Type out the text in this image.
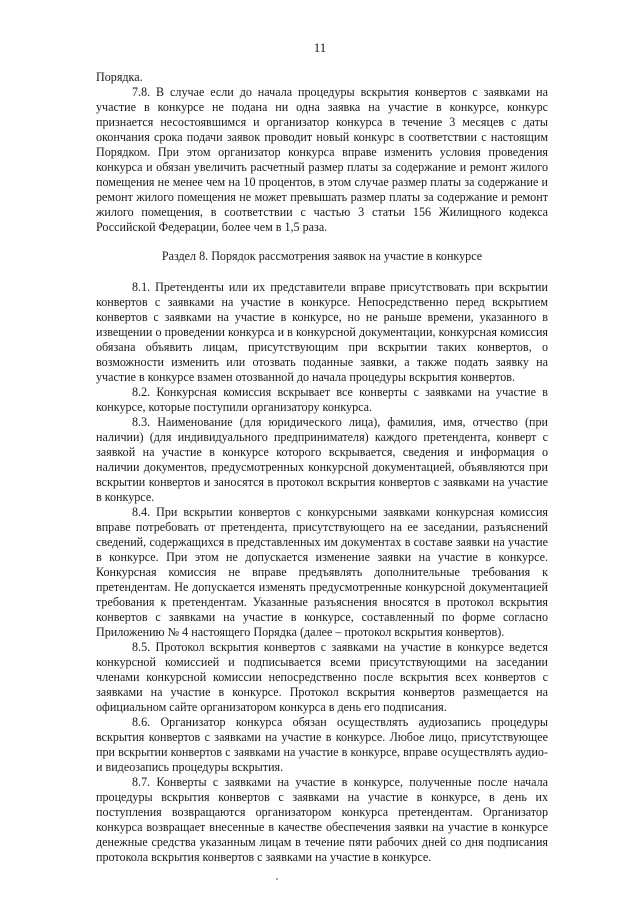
11

Порядка.

7.8. В случае если до начала процедуры вскрытия конвертов с заявками на участие в конкурсе не подана ни одна заявка на участие в конкурсе, конкурс признается несостоявшимся и организатор конкурса в течение 3 месяцев с даты окончания срока подачи заявок проводит новый конкурс в соответствии с настоящим Порядком. При этом организатор конкурса вправе изменить условия проведения конкурса и обязан увеличить расчетный размер платы за содержание и ремонт жилого помещения не менее чем на 10 процентов, в этом случае размер платы за содержание и ремонт жилого помещения не может превышать размер платы за содержание и ремонт жилого помещения, в соответствии с частью 3 статьи 156 Жилищного кодекса Российской Федерации, более чем в 1,5 раза.

Раздел 8. Порядок рассмотрения заявок на участие в конкурсе

8.1. Претенденты или их представители вправе присутствовать при вскрытии конвертов с заявками на участие в конкурсе. Непосредственно перед вскрытием конвертов с заявками на участие в конкурсе, но не раньше времени, указанного в извещении о проведении конкурса и в конкурсной документации, конкурсная комиссия обязана объявить лицам, присутствующим при вскрытии таких конвертов, о возможности изменить или отозвать поданные заявки, а также подать заявку на участие в конкурсе взамен отозванной до начала процедуры вскрытия конвертов.

8.2. Конкурсная комиссия вскрывает все конверты с заявками на участие в конкурсе, которые поступили организатору конкурса.

8.3. Наименование (для юридического лица), фамилия, имя, отчество (при наличии) (для индивидуального предпринимателя) каждого претендента, конверт с заявкой на участие в конкурсе которого вскрывается, сведения и информация о наличии документов, предусмотренных конкурсной документацией, объявляются при вскрытии конвертов и заносятся в протокол вскрытия конвертов с заявками на участие в конкурсе.

8.4. При вскрытии конвертов с конкурсными заявками конкурсная комиссия вправе потребовать от претендента, присутствующего на ее заседании, разъяснений сведений, содержащихся в представленных им документах в составе заявки на участие в конкурсе. При этом не допускается изменение заявки на участие в конкурсе. Конкурсная комиссия не вправе предъявлять дополнительные требования к претендентам. Не допускается изменять предусмотренные конкурсной документацией требования к претендентам. Указанные разъяснения вносятся в протокол вскрытия конвертов с заявками на участие в конкурсе, составленный по форме согласно Приложению № 4 настоящего Порядка (далее – протокол вскрытия конвертов).

8.5. Протокол вскрытия конвертов с заявками на участие в конкурсе ведется конкурсной комиссией и подписывается всеми присутствующими на заседании членами конкурсной комиссии непосредственно после вскрытия всех конвертов с заявками на участие в конкурсе. Протокол вскрытия конвертов размещается на официальном сайте организатором конкурса в день его подписания.

8.6. Организатор конкурса обязан осуществлять аудиозапись процедуры вскрытия конвертов с заявками на участие в конкурсе. Любое лицо, присутствующее при вскрытии конвертов с заявками на участие в конкурсе, вправе осуществлять аудио- и видеозапись процедуры вскрытия.

8.7. Конверты с заявками на участие в конкурсе, полученные после начала процедуры вскрытия конвертов с заявками на участие в конкурсе, в день их поступления возвращаются организатором конкурса претендентам. Организатор конкурса возвращает внесенные в качестве обеспечения заявки на участие в конкурсе денежные средства указанным лицам в течение пяти рабочих дней со дня подписания протокола вскрытия конвертов с заявками на участие в конкурсе.
